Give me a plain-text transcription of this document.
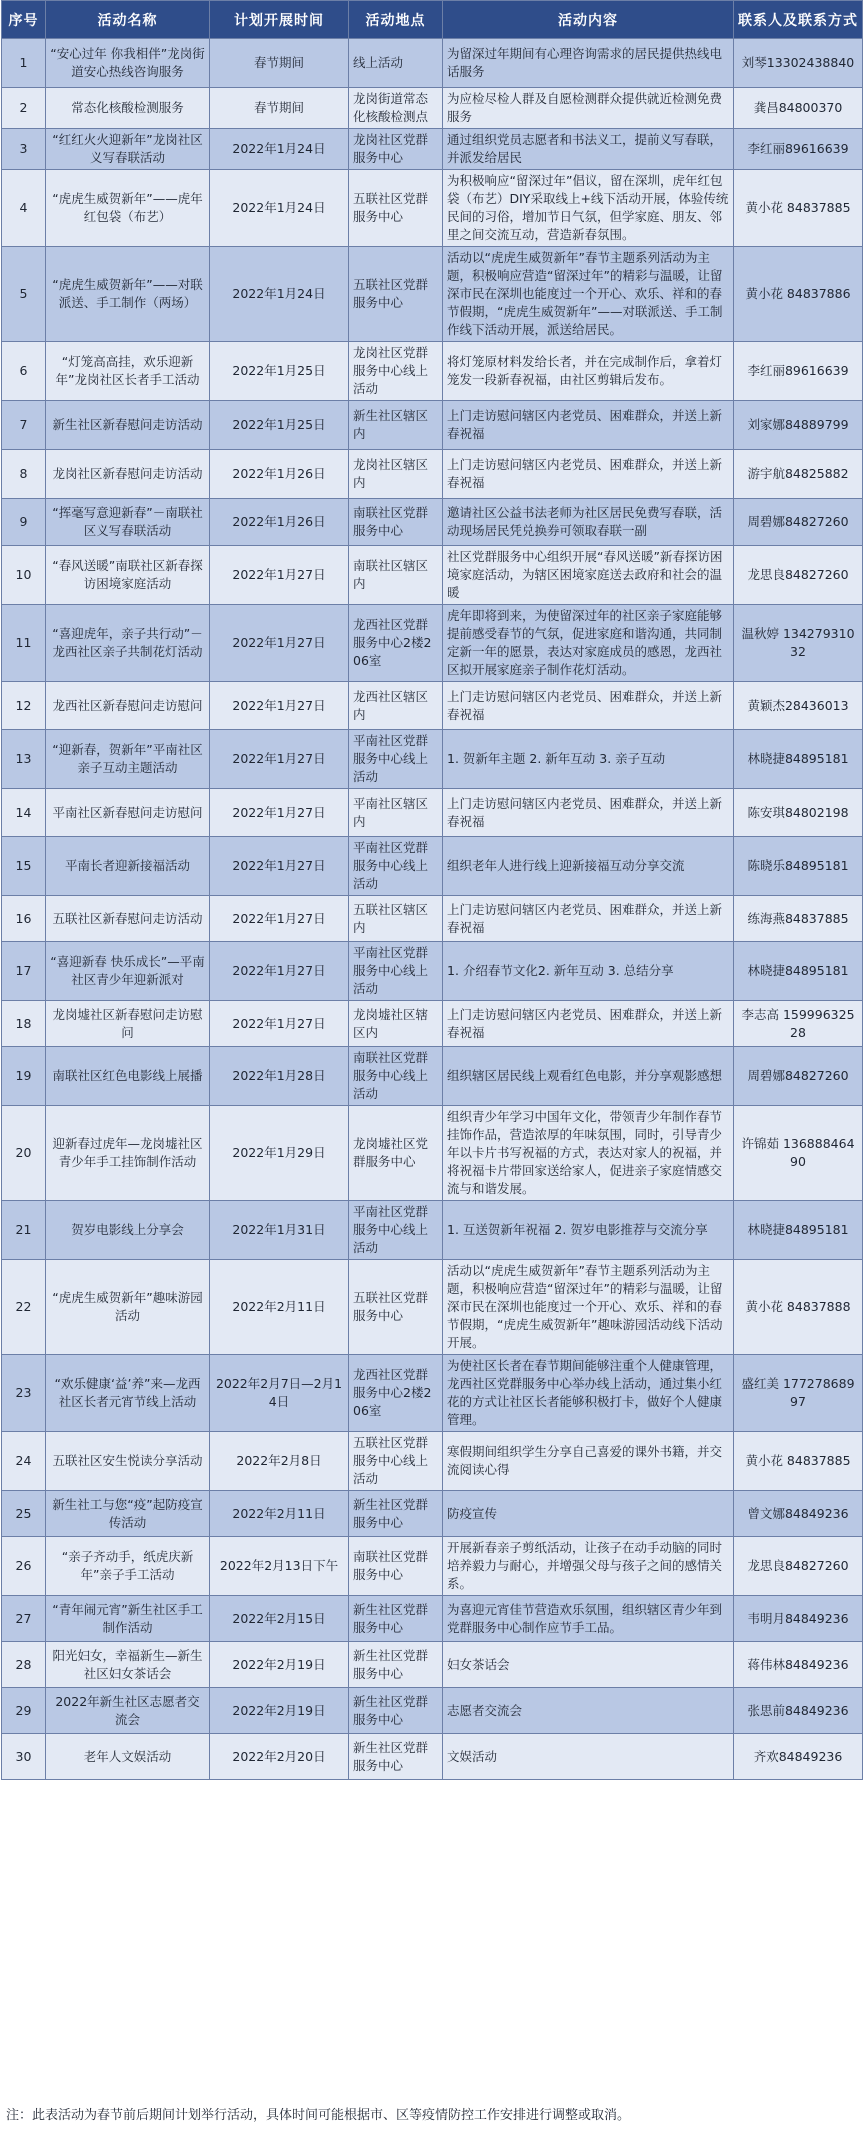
序号	活动名称	计划开展时间	活动地点	活动内容	联系人及联系方式
1	“安心过年 你我相伴”龙岗街道安心热线咨询服务	春节期间	线上活动	为留深过年期间有心理咨询需求的居民提供热线电话服务	刘琴13302438840
2	常态化核酸检测服务	春节期间	龙岗街道常态化核酸检测点	为应检尽检人群及自愿检测群众提供就近检测免费服务	龚昌84800370
3	“红红火火迎新年”龙岗社区义写春联活动	2022年1月24日	龙岗社区党群服务中心	通过组织党员志愿者和书法义工，提前义写春联，并派发给居民	李红丽89616639
4	“虎虎生威贺新年”——虎年红包袋（布艺）	2022年1月24日	五联社区党群服务中心	为积极响应“留深过年”倡议，留在深圳，虎年红包袋（布艺）DIY采取线上+线下活动开展，体验传统民间的习俗，增加节日气氛，但学家庭、朋友、邻里之间交流互动，营造新春氛围。	黄小花 84837885
5	“虎虎生威贺新年”——对联派送、手工制作（两场）	2022年1月24日	五联社区党群服务中心	活动以“虎虎生威贺新年”春节主题系列活动为主题，积极响应营造“留深过年”的精彩与温暖，让留深市民在深圳也能度过一个开心、欢乐、祥和的春节假期，“虎虎生威贺新年”——对联派送、手工制作线下活动开展，派送给居民。	黄小花 84837886
6	“灯笼高高挂，欢乐迎新年”龙岗社区长者手工活动	2022年1月25日	龙岗社区党群服务中心线上活动	将灯笼原材料发给长者，并在完成制作后，拿着灯笼发一段新春祝福，由社区剪辑后发布。	李红丽89616639
7	新生社区新春慰问走访活动	2022年1月25日	新生社区辖区内	上门走访慰问辖区内老党员、困难群众，并送上新春祝福	刘家娜84889799
8	龙岗社区新春慰问走访活动	2022年1月26日	龙岗社区辖区内	上门走访慰问辖区内老党员、困难群众，并送上新春祝福	游宇航84825882
9	“挥毫写意迎新春”－南联社区义写春联活动	2022年1月26日	南联社区党群服务中心	邀请社区公益书法老师为社区居民免费写春联，活动现场居民凭兑换券可领取春联一副	周碧娜84827260
10	“春风送暖”南联社区新春探访困境家庭活动	2022年1月27日	南联社区辖区内	社区党群服务中心组织开展“春风送暖”新春探访困境家庭活动，为辖区困境家庭送去政府和社会的温暖	龙思良84827260
11	“喜迎虎年，亲子共行动”－龙西社区亲子共制花灯活动	2022年1月27日	龙西社区党群服务中心2楼206室	虎年即将到来，为使留深过年的社区亲子家庭能够提前感受春节的气氛，促进家庭和谐沟通，共同制定新一年的愿景，表达对家庭成员的感恩，龙西社区拟开展家庭亲子制作花灯活动。	温秋婷 13427931032
12	龙西社区新春慰问走访慰问	2022年1月27日	龙西社区辖区内	上门走访慰问辖区内老党员、困难群众，并送上新春祝福	黄颖杰28436013
13	“迎新春，贺新年”平南社区亲子互动主题活动	2022年1月27日	平南社区党群服务中心线上活动	1. 贺新年主题 2. 新年互动 3. 亲子互动	林晓捷84895181
14	平南社区新春慰问走访慰问	2022年1月27日	平南社区辖区内	上门走访慰问辖区内老党员、困难群众，并送上新春祝福	陈安琪84802198
15	平南长者迎新接福活动	2022年1月27日	平南社区党群服务中心线上活动	组织老年人进行线上迎新接福互动分享交流	陈晓乐84895181
16	五联社区新春慰问走访活动	2022年1月27日	五联社区辖区内	上门走访慰问辖区内老党员、困难群众，并送上新春祝福	练海燕84837885
17	“喜迎新春 快乐成长”—平南社区青少年迎新派对	2022年1月27日	平南社区党群服务中心线上活动	1. 介绍春节文化2. 新年互动 3. 总结分享	林晓捷84895181
18	龙岗墟社区新春慰问走访慰问	2022年1月27日	龙岗墟社区辖区内	上门走访慰问辖区内老党员、困难群众，并送上新春祝福	李志高 15999632528
19	南联社区红色电影线上展播	2022年1月28日	南联社区党群服务中心线上活动	组织辖区居民线上观看红色电影，并分享观影感想	周碧娜84827260
20	迎新春过虎年—龙岗墟社区青少年手工挂饰制作活动	2022年1月29日	龙岗墟社区党群服务中心	组织青少年学习中国年文化，带领青少年制作春节挂饰作品，营造浓厚的年味氛围，同时，引导青少年以卡片书写祝福的方式，表达对家人的祝福，并将祝福卡片带回家送给家人，促进亲子家庭情感交流与和谐发展。	许锦茹 13688846490
21	贺岁电影线上分享会	2022年1月31日	平南社区党群服务中心线上活动	1. 互送贺新年祝福 2. 贺岁电影推荐与交流分享	林晓捷84895181
22	“虎虎生威贺新年”趣味游园活动	2022年2月11日	五联社区党群服务中心	活动以“虎虎生威贺新年”春节主题系列活动为主题，积极响应营造“留深过年”的精彩与温暖，让留深市民在深圳也能度过一个开心、欢乐、祥和的春节假期，“虎虎生威贺新年”趣味游园活动线下活动开展。	黄小花 84837888
23	“欢乐健康‘益’养”来—龙西社区长者元宵节线上活动	2022年2月7日—2月14日	龙西社区党群服务中心2楼206室	为使社区长者在春节期间能够注重个人健康管理，龙西社区党群服务中心举办线上活动，通过集小红花的方式让社区长者能够积极打卡，做好个人健康管理。	盛红美 17727868997
24	五联社区安生悦读分享活动	2022年2月8日	五联社区党群服务中心线上活动	寒假期间组织学生分享自己喜爱的课外书籍，并交流阅读心得	黄小花 84837885
25	新生社工与您“疫”起防疫宣传活动	2022年2月11日	新生社区党群服务中心	防疫宣传	曾文娜84849236
26	“亲子齐动手，纸虎庆新年”亲子手工活动	2022年2月13日下午	南联社区党群服务中心	开展新春亲子剪纸活动，让孩子在动手动脑的同时培养毅力与耐心，并增强父母与孩子之间的感情关系。	龙思良84827260
27	“青年闹元宵”新生社区手工制作活动	2022年2月15日	新生社区党群服务中心	为喜迎元宵佳节营造欢乐氛围，组织辖区青少年到党群服务中心制作应节手工品。	韦明月84849236
28	阳光妇女，幸福新生—新生社区妇女茶话会	2022年2月19日	新生社区党群服务中心	妇女茶话会	蒋伟林84849236
29	2022年新生社区志愿者交流会	2022年2月19日	新生社区党群服务中心	志愿者交流会	张思前84849236
30	老年人文娱活动	2022年2月20日	新生社区党群服务中心	文娱活动	齐欢84849236
注：此表活动为春节前后期间计划举行活动，具体时间可能根据市、区等疫情防控工作安排进行调整或取消。
